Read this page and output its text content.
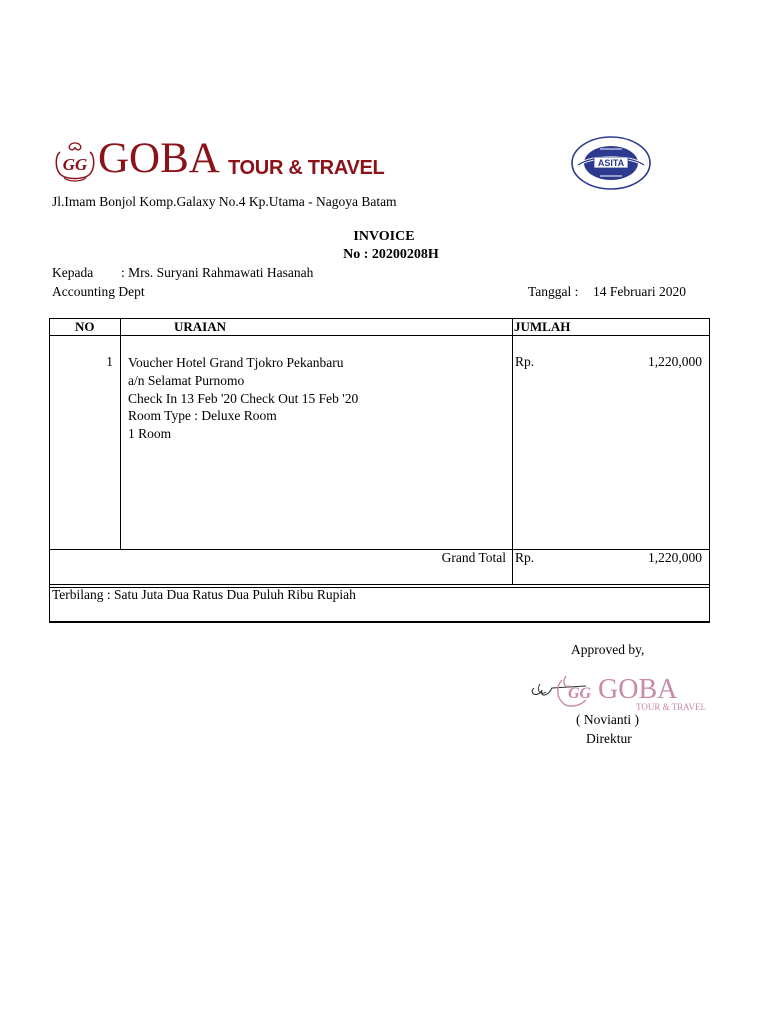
GG GOBA TOUR & TRAVEL	ASITA
Jl.Imam Bonjol Komp.Galaxy No.4 Kp.Utama - Nagoya Batam
INVOICE
No : 20200208H
Kepada : Mrs. Suryani Rahmawati Hasanah
Accounting Dept	Tanggal : 14 Februari 2020
NO	URAIAN	JUMLAH
1 Voucher Hotel Grand Tjokro Pekanbaru
a/n Selamat Purnomo
Check In 13 Feb '20 Check Out 15 Feb '20
Room Type : Deluxe Room
1 Room
Rp.	1,220,000
Grand Total Rp.	1,220,000
Terbilang : Satu Juta Dua Ratus Dua Puluh Ribu Rupiah
Approved by,
GG GOBA
TOUR & TRAVEL
( Novianti )
Direktur
